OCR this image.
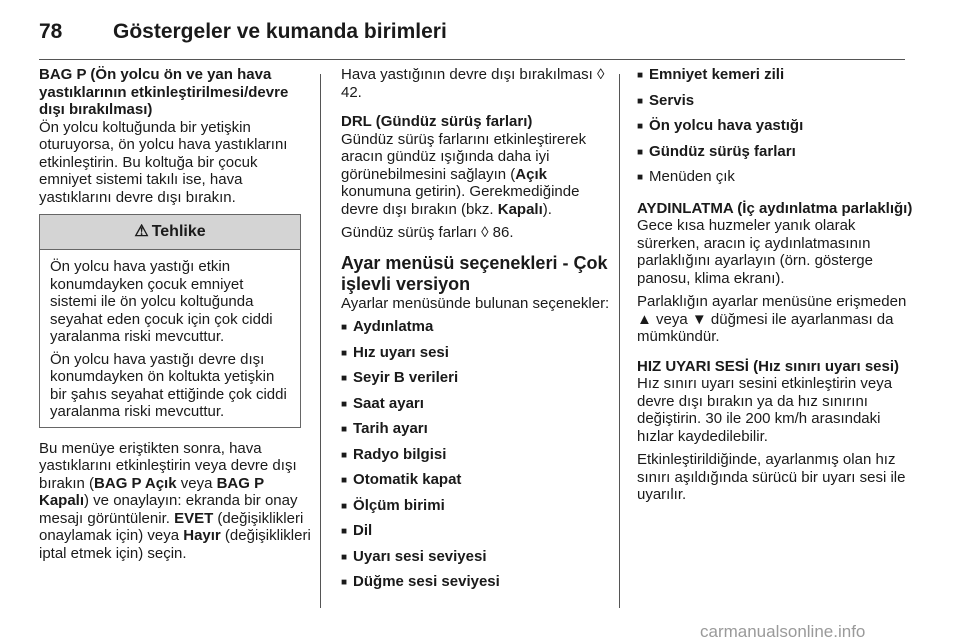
78 Göstergeler ve kumanda birimleri

BAG P (Ön yolcu ön ve yan hava yastıklarının etkinleştirilmesi/devre dışı bırakılması)

Ön yolcu koltuğunda bir yetişkin oturuyorsa, ön yolcu hava yastıklarını etkinleştirin. Bu koltuğa bir çocuk emniyet sistemi takılı ise, hava yastıklarını devre dışı bırakın.

⚠ Tehlike

Ön yolcu hava yastığı etkin konumdayken çocuk emniyet sistemi ile ön yolcu koltuğunda seyahat eden çocuk için çok ciddi yaralanma riski mevcuttur.

Ön yolcu hava yastığı devre dışı konumdayken ön koltukta yetişkin bir şahıs seyahat ettiğinde çok ciddi yaralanma riski mevcuttur.

Bu menüye eriştikten sonra, hava yastıklarını etkinleştirin veya devre dışı bırakın (BAG P Açık veya BAG P Kapalı) ve onaylayın: ekranda bir onay mesajı görüntülenir. EVET (değişiklikleri onaylamak için) veya Hayır (değişiklikleri iptal etmek için) seçin.

Hava yastığının devre dışı bırakılması ◊ 42.

DRL (Gündüz sürüş farları)

Gündüz sürüş farlarını etkinleştirerek aracın gündüz ışığında daha iyi görünebilmesini sağlayın (Açık konumuna getirin). Gerekmediğinde devre dışı bırakın (bkz. Kapalı).

Gündüz sürüş farları ◊ 86.

Ayar menüsü seçenekleri - Çok işlevli versiyon

Ayarlar menüsünde bulunan seçenekler:

■ Aydınlatma
■ Hız uyarı sesi
■ Seyir B verileri
■ Saat ayarı
■ Tarih ayarı
■ Radyo bilgisi
■ Otomatik kapat
■ Ölçüm birimi
■ Dil
■ Uyarı sesi seviyesi
■ Düğme sesi seviyesi
■ Emniyet kemeri zili
■ Servis
■ Ön yolcu hava yastığı
■ Gündüz sürüş farları
■ Menüden çık

AYDINLATMA (İç aydınlatma parlaklığı)

Gece kısa huzmeler yanık olarak sürerken, aracın iç aydınlatmasının parlaklığını ayarlayın (örn. gösterge panosu, klima ekranı).

Parlaklığın ayarlar menüsüne erişmeden ▲ veya ▼ düğmesi ile ayarlanması da mümkündür.

HIZ UYARI SESİ (Hız sınırı uyarı sesi)

Hız sınırı uyarı sesini etkinleştirin veya devre dışı bırakın ya da hız sınırını değiştirin. 30 ile 200 km/h arasındaki hızlar kaydedilebilir.

Etkinleştirildiğinde, ayarlanmış olan hız sınırı aşıldığında sürücü bir uyarı sesi ile uyarılır.

carmanualsonline.info
